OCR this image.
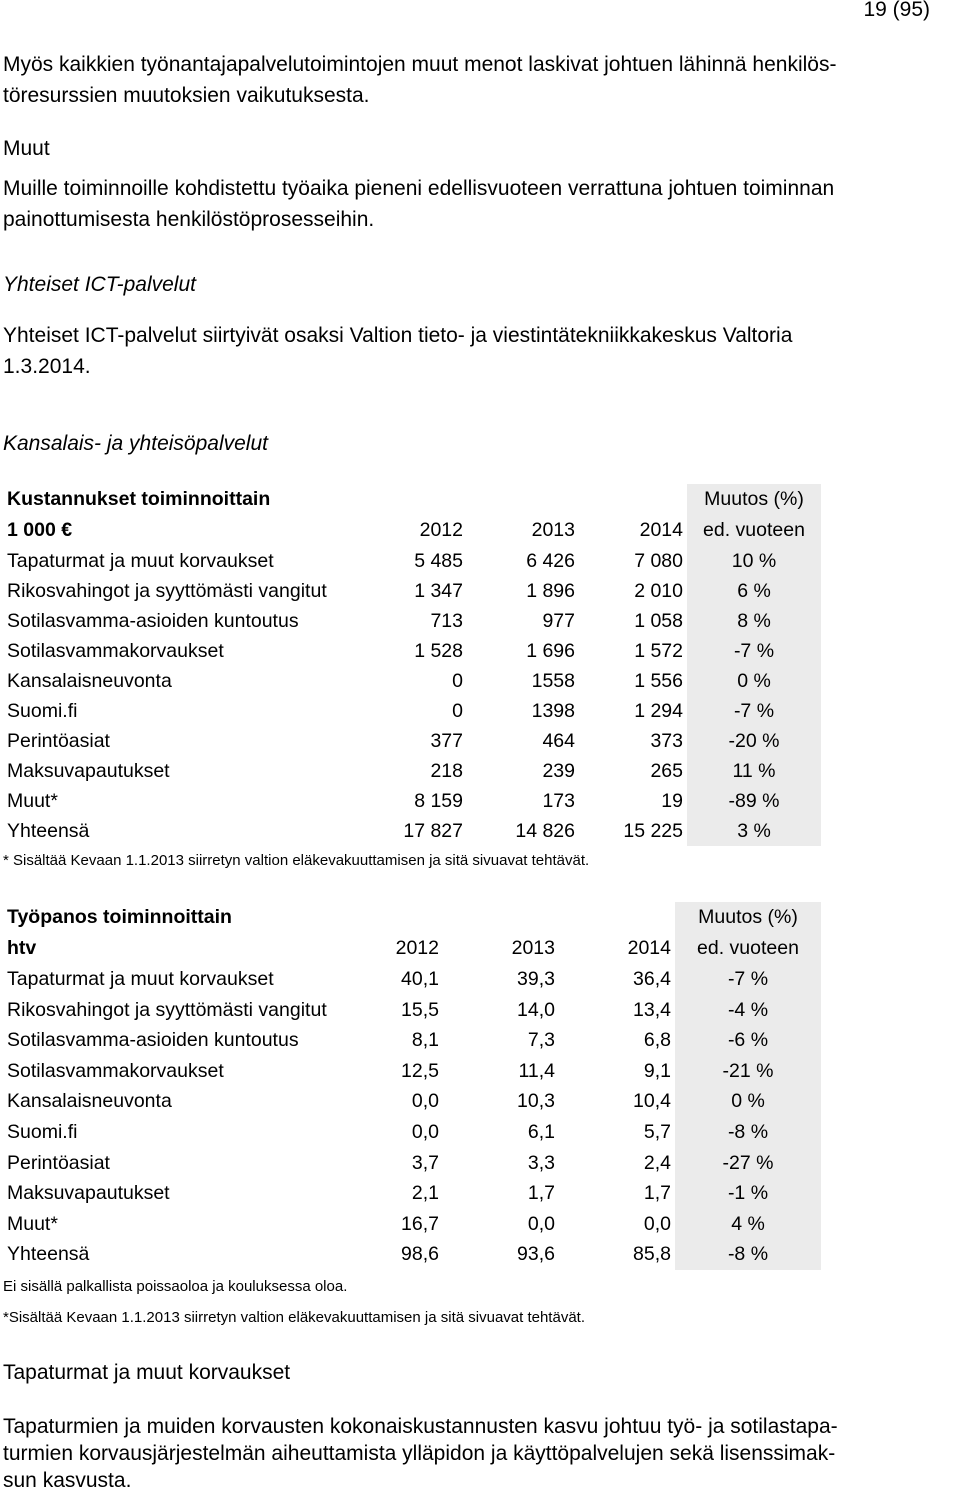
19 (95)

Myös kaikkien työnantajapalvelutoimintojen muut menot laskivat johtuen lähinnä henkilös-

töresurssien muutoksien vaikutuksesta.

Muut

Muille toiminnoille kohdistettu työaika pieneni edellisvuoteen verrattuna johtuen toiminnan

painottumisesta henkilöstöprosesseihin.

Yhteiset ICT-palvelut

Yhteiset ICT-palvelut siirtyivät osaksi Valtion tieto- ja viestintätekniikkakeskus Valtoria

1.3.2014.

Kansalais- ja yhteisöpalvelut

Kustannukset toiminnoittain				Muutos (%)
1 000 €	2012	2013	2014	ed. vuoteen
Tapaturmat ja muut korvaukset	5 485	6 426	7 080	10 %
Rikosvahingot ja syyttömästi vangitut	1 347	1 896	2 010	6 %
Sotilasvamma-asioiden kuntoutus	713	977	1 058	8 %
Sotilasvammakorvaukset	1 528	1 696	1 572	-7 %
Kansalaisneuvonta	0	1558	1 556	0 %
Suomi.fi	0	1398	1 294	-7 %
Perintöasiat	377	464	373	-20 %
Maksuvapautukset	218	239	265	11 %
Muut*	8 159	173	19	-89 %
Yhteensä	17 827	14 826	15 225	3 %
* Sisältää Kevaan 1.1.2013 siirretyn valtion eläkevakuuttamisen ja sitä sivuavat tehtävät.
Työpanos toiminnoittain				Muutos (%)
htv	2012	2013	2014	ed. vuoteen
Tapaturmat ja muut korvaukset	40,1	39,3	36,4	-7 %
Rikosvahingot ja syyttömästi vangitut	15,5	14,0	13,4	-4 %
Sotilasvamma-asioiden kuntoutus	8,1	7,3	6,8	-6 %
Sotilasvammakorvaukset	12,5	11,4	9,1	-21 %
Kansalaisneuvonta	0,0	10,3	10,4	0 %
Suomi.fi	0,0	6,1	5,7	-8 %
Perintöasiat	3,7	3,3	2,4	-27 %
Maksuvapautukset	2,1	1,7	1,7	-1 %
Muut*	16,7	0,0	0,0	4 %
Yhteensä	98,6	93,6	85,8	-8 %
Ei sisällä palkallista poissaoloa ja kouluksessa oloa.
*Sisältää Kevaan 1.1.2013 siirretyn valtion eläkevakuuttamisen ja sitä sivuavat tehtävät.

Tapaturmat ja muut korvaukset

Tapaturmien ja muiden korvausten kokonaiskustannusten kasvu johtuu työ- ja sotilastapa-

turmien korvausjärjestelmän aiheuttamista ylläpidon ja käyttöpalvelujen sekä lisenssimak-

sun kasvusta.
